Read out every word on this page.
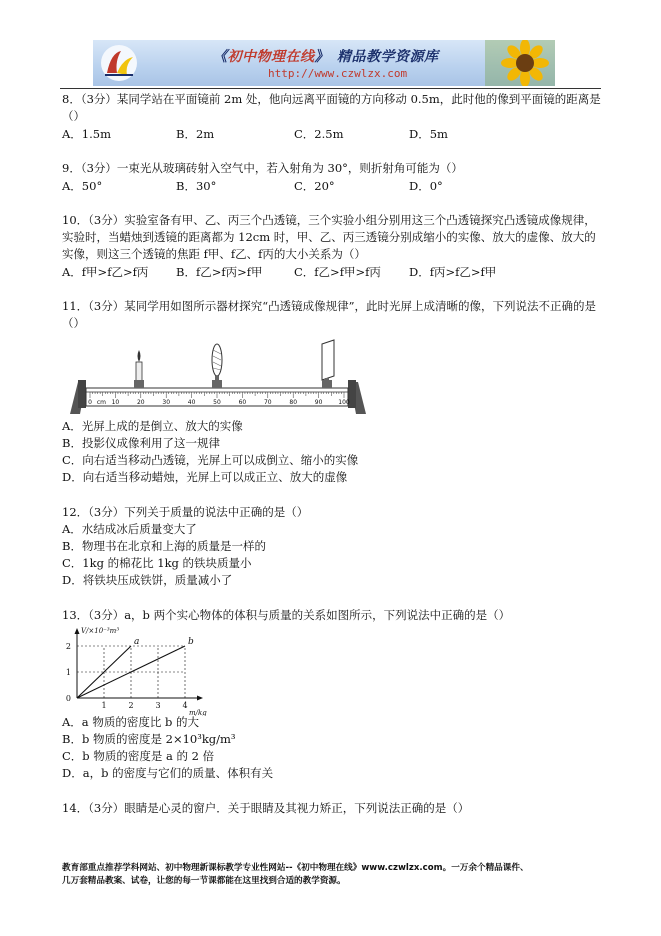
《初中物理在线》 精品教学资源库
http://www.czwlzx.com
8．（3分）某同学站在平面镜前 2m 处，他向远离平面镜的方向移动 0.5m，此时他的像到平面镜的距离是（）
A．1.5m	B．2m	C．2.5m	D．5m
9．（3分）一束光从玻璃砖射入空气中，若入射角为 30°，则折射角可能为（）
A．50°	B．30°	C．20°	D．0°
10．（3分）实验室备有甲、乙、丙三个凸透镜，三个实验小组分别用这三个凸透镜探究凸透镜成像规律，实验时，当蜡烛到透镜的距离都为 12cm 时，甲、乙、丙三透镜分别成缩小的实像、放大的虚像、放大的实像，则这三个透镜的焦距 f甲、f乙、f丙的大小关系为（）
A．f甲>f乙>f丙 B．f乙>f丙>f甲	C．f乙>f甲>f丙 D．f丙>f乙>f甲
11．（3分）某同学用如图所示器材探究“凸透镜成像规律”，此时光屏上成清晰的像，下列说法不正确的是（）
0 cm 10	20	30	40	50	60	70	80	90	100
A．光屏上成的是倒立、放大的实像
B．投影仪成像利用了这一规律
C．向右适当移动凸透镜，光屏上可以成倒立、缩小的实像
D．向右适当移动蜡烛，光屏上可以成正立、放大的虚像
12．（3分）下列关于质量的说法中正确的是（）
A．水结成冰后质量变大了
B．物理书在北京和上海的质量是一样的
C．1kg 的棉花比 1kg 的铁块质量小
D．将铁块压成铁饼，质量减小了
13．（3分）a，b 两个实心物体的体积与质量的关系如图所示，下列说法中正确的是（）
a	b
1	2	3	4
1
2
0
V/×10⁻³m³
m/kg
A．a 物质的密度比 b 的大
B．b 物质的密度是 2×10³kg/m³
C．b 物质的密度是 a 的 2 倍
D．a，b 的密度与它们的质量、体积有关
14．（3分）眼睛是心灵的窗户．关于眼睛及其视力矫正，下列说法正确的是（）
教育部重点推荐学科网站、初中物理新课标教学专业性网站--《初中物理在线》www.czwlzx.com。一万余个精品课件、
几万套精品教案、试卷，让您的每一节课都能在这里找到合适的教学资源。
